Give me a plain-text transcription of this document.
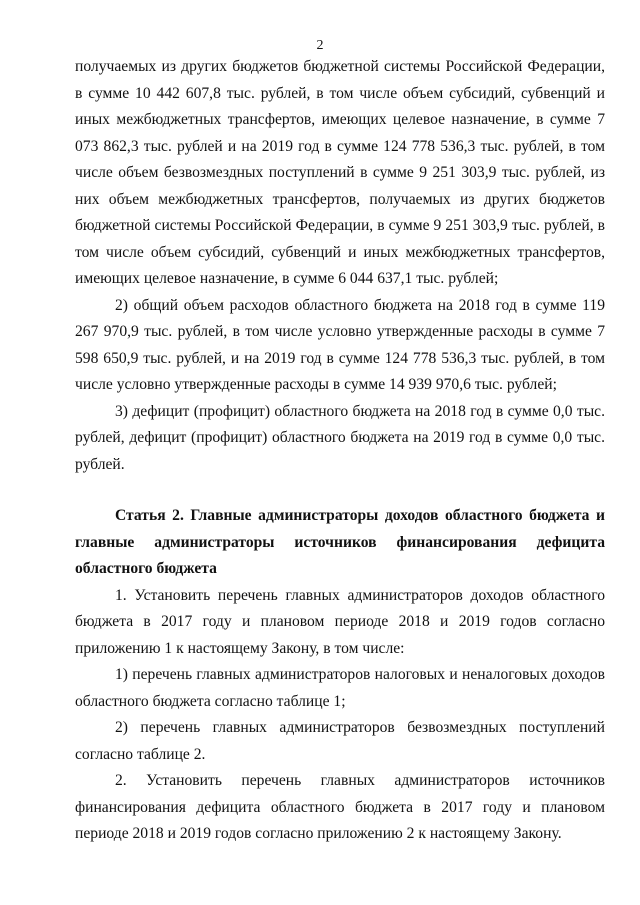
2

получаемых из других бюджетов бюджетной системы Российской Федерации, в сумме 10 442 607,8 тыс. рублей, в том числе объем субсидий, субвенций и иных межбюджетных трансфертов, имеющих целевое назначение, в сумме 7 073 862,3 тыс. рублей и на 2019 год в сумме 124 778 536,3 тыс. рублей, в том числе объем безвозмездных поступлений в сумме 9 251 303,9 тыс. рублей, из них объем межбюджетных трансфертов, получаемых из других бюджетов бюджетной системы Российской Федерации, в сумме 9 251 303,9 тыс. рублей, в том числе объем субсидий, субвенций и иных межбюджетных трансфертов, имеющих целевое назначение, в сумме 6 044 637,1 тыс. рублей;

2) общий объем расходов областного бюджета на 2018 год в сумме 119 267 970,9 тыс. рублей, в том числе условно утвержденные расходы в сумме 7 598 650,9 тыс. рублей, и на 2019 год в сумме 124 778 536,3 тыс. рублей, в том числе условно утвержденные расходы в сумме 14 939 970,6 тыс. рублей;

3) дефицит (профицит) областного бюджета на 2018 год в сумме 0,0 тыс. рублей, дефицит (профицит) областного бюджета на 2019 год в сумме 0,0 тыс. рублей.

Статья 2. Главные администраторы доходов областного бюджета и главные администраторы источников финансирования дефицита областного бюджета

1. Установить перечень главных администраторов доходов областного бюджета в 2017 году и плановом периоде 2018 и 2019 годов согласно приложению 1 к настоящему Закону, в том числе:

1) перечень главных администраторов налоговых и неналоговых доходов областного бюджета согласно таблице 1;

2) перечень главных администраторов безвозмездных поступлений согласно таблице 2.

2. Установить перечень главных администраторов источников финансирования дефицита областного бюджета в 2017 году и плановом периоде 2018 и 2019 годов согласно приложению 2 к настоящему Закону.
